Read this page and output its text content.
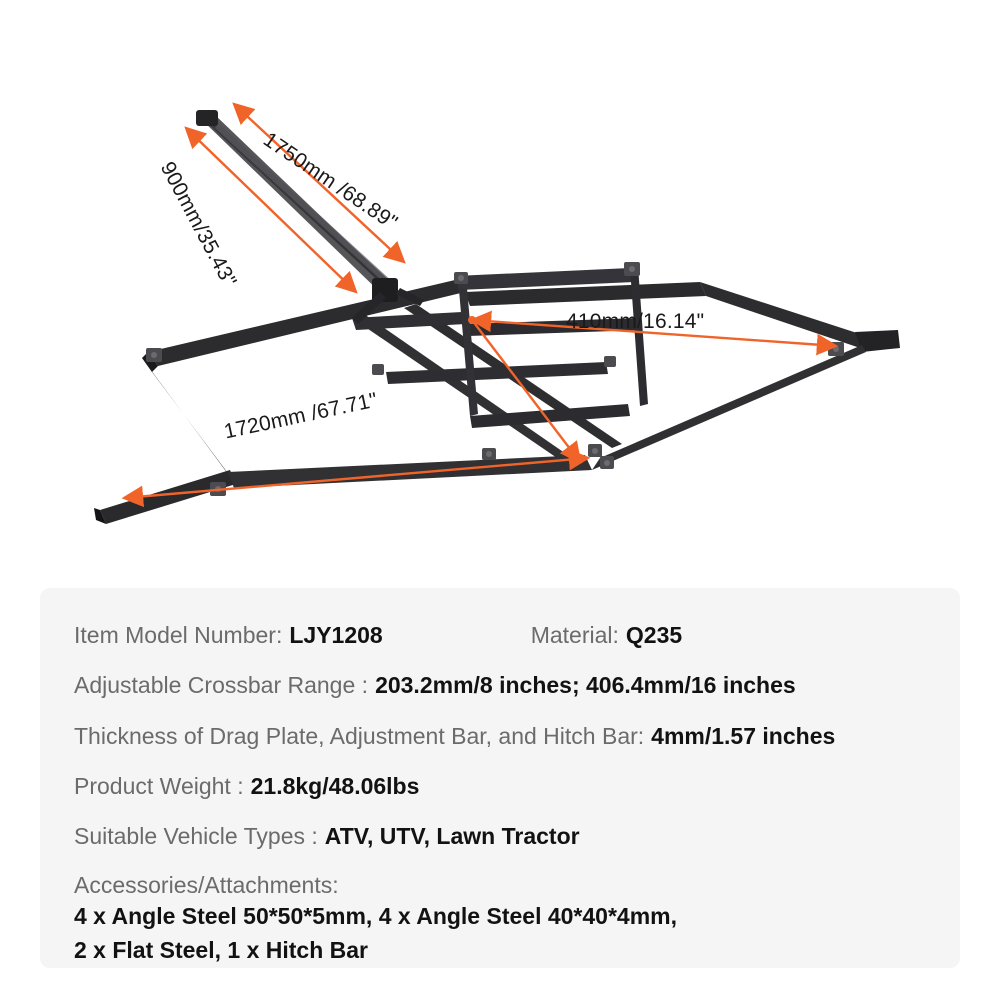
1750mm /68.89"
900mm/35.43"
410mm/16.14"
1720mm /67.71"
Item Model Number: LJY1208	Material: Q235
Adjustable Crossbar Range : 203.2mm/8 inches; 406.4mm/16 inches
Thickness of Drag Plate, Adjustment Bar, and Hitch Bar: 4mm/1.57 inches
Product Weight : 21.8kg/48.06lbs
Suitable Vehicle Types : ATV, UTV, Lawn Tractor
Accessories/Attachments:
4 x Angle Steel 50*50*5mm, 4 x Angle Steel 40*40*4mm,
2 x Flat Steel, 1 x Hitch Bar
